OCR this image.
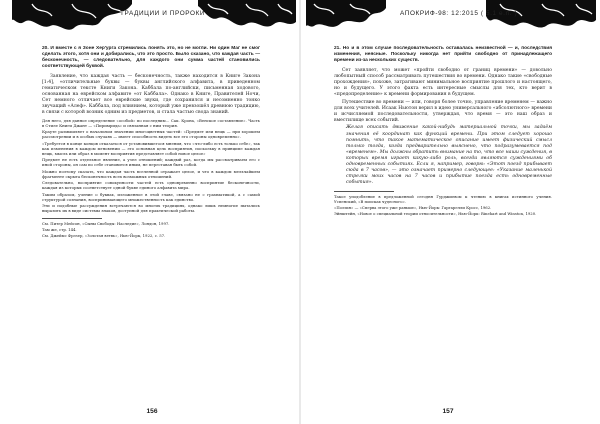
ТРАДИЦИИ И ПРОРОКИ

20. И вместе с я Зоне Хер'урга стремились понять это, но не могли. Ни один Маг не смог сделать этого, хотя они и добирались, что это просто. Было сказано, что каждая часть — бесконечность, — следовательно, для каждого они сумма частей становились соответствующей буквой.

Заявление, что каждая часть — бесконечность, также находится в Книге Закона [1:4], «отличительные буквы — буквы английского алфавита, в приведенном гематическом тексте Книги Закона. Каббала по-английски, письменная ходового, основанная на еврейском алфавите «от Каббала». Однако в Книге, Правителей Ночи, Сет немного отличает все еврейские звуки, где сохранился и несомненно тонко звучащий «Алеф». Каббала, под влиянием, который уже превзошёл древнюю традицию, в связи с которой возник одним из предметов, и стала частью свода знаний.

Для него, для данное определение «особой» по последним... Сак. Крона, «Венское составление». Часть в Стиле Книги Джант — «Пиримрида» и связанная с ним теория.

Крауте размышляет о начальном значении многоцветных частей: «Предмет или вещь — при хорошем рассмотрении и в особых случаях — имеет способность видеть все его стороны одновременно».

«Требуется в конце концов отказаться от установившегося мнения, что «что-либо есть только себе», так как изменения в каждом мгновении — это основная цель восприятия, поскольку в принципе каждая вещь, мысль или образ в момент восприятия представляет собой новое целое»

Предмет не есть отдельное явление, а узел отношений; каждый раз, когда мы рассматриваем его с иной стороны, он сам по себе становится иным, не переставая быть собой.

Можно поэтому сказать, что каждая часть вселенной отражает целое, и что в каждом мельчайшем фрагменте скрыта бесконечность всех возможных отношений.

Следовательно, восприятие совокупности частей есть одновременно восприятие бесконечности, каждая из которых соответствует одной букве единого алфавита мира.

Таким образом, учение о буквах, изложенное в этой главе, связано не с грамматикой, а с самой структурой сознания, воспринимающего множественность как единство.

Эти и подобные рассуждения встречаются во многих традициях, однако лишь немногие пытались выразить их в виде системы знаков, доступной для практической работы.

См. Питер Мейсон, «Сыны Свободы: Наследие», Лондон, 1997.

Там же, стр. 144.

См. Джеймс Фрэзер, «Золотая ветвь», Нью-Йорк, 1922, с. 57.

156
АПОКРИФ-98: 12:2015 ( 5.1 e.n. )

21. Но и в этом случае последовательность оставалась неизвестной — и, последствия изменения, неясные. Поскольку никогда нет прийти свободно от принадлежащего времени из-за нескольких существ.

Сет заявляет, что может «пройти свободно от границ времени» — довольно любопытный способ рассматривать путешествия во времени. Однако такие «свободные прохождения», похоже, затрагивают минимальное восприятие прошлого и настоящего, но и будущего. У этого факта есть интересные смыслы для тех, кто верит в «предопределение» к времени формирования в будущем.

Путешествие во времени — или, говоря более точно, управление временем — важно для всех учителей. Исаак Ньютон верил в идею универсального «абсолютного» времени и исчисляемой последовательности, утверждая, что время — это наш образ и вместилище всех событий.

Желая описать движение какой-нибудь материальной точки, мы задаём значения её координат как функций времени. При этом следует хорошо помнить, что такое математическое описание имеет физический смысл только тогда, когда предварительно выяснено, что подразумевается под «временем». Мы должны обратить внимание на то, что все наши суждения, в которых время играет какую-либо роль, всегда являются суждениями об одновременных событиях. Если я, например, говорю: «Этот поезд прибывает сюда в 7 часов», — это означает примерно следующее: «Указание маленькой стрелки моих часов на 7 часов и прибытие поезда есть одновременные события».

Такое уподобление в предложенной сегодня Гурджиевом к чтению в книгах истинного учения. Успенский, «В поисках чудесного».

«Поэзия» — «Сперва этого уже раньше», Нью-Йорк: Гаргарелли Кросс, 1962.

Эйнштейн, «Новое о специальной теории относительности», Нью-Йорк: Rinehart and Winston, 1920.

157
